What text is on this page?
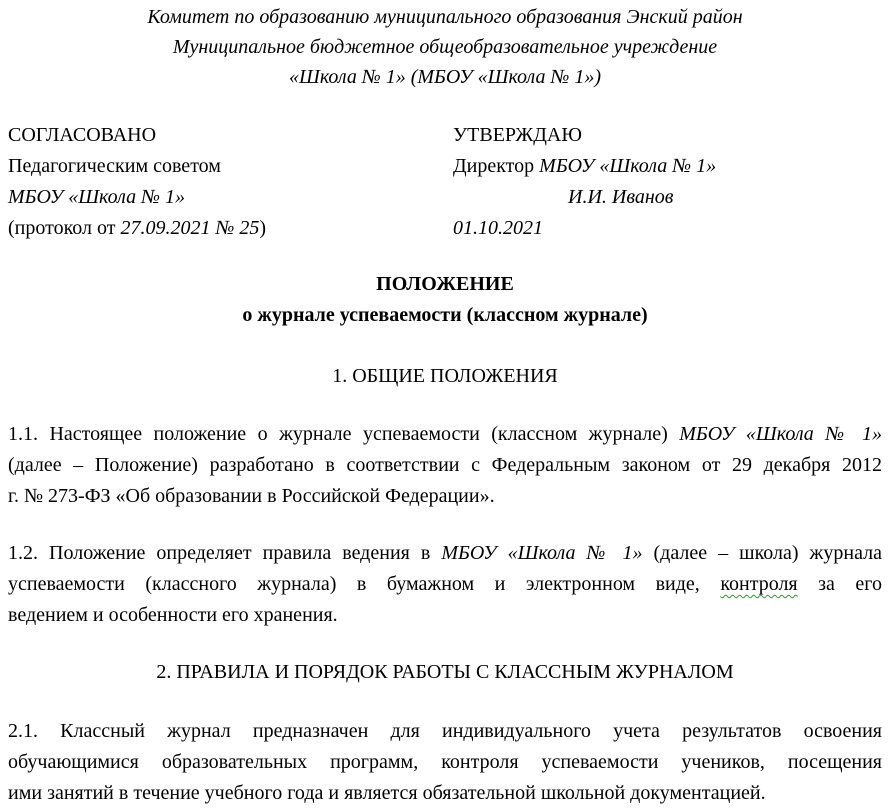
Комитет по образованию муниципального образования Энский район
Муниципальное бюджетное общеобразовательное учреждение
«Школа № 1» (МБОУ «Школа № 1»)
СОГЛАСОВАНО
Педагогическим советом
МБОУ «Школа № 1»
(протокол от 27.09.2021 № 25)
УТВЕРЖДАЮ
Директор МБОУ «Школа № 1»
И.И. Иванов
01.10.2021
ПОЛОЖЕНИЕ
о журнале успеваемости (классном журнале)
1. ОБЩИЕ ПОЛОЖЕНИЯ
1.1. Настоящее положение о журнале успеваемости (классном журнале) МБОУ «Школа № 1»
(далее – Положение) разработано в соответствии с Федеральным законом от 29 декабря 2012
г. № 273-ФЗ «Об образовании в Российской Федерации».
1.2. Положение определяет правила ведения в МБОУ «Школа № 1» (далее – школа) журнала
успеваемости (классного журнала) в бумажном и электронном виде, контроля за его
ведением и особенности его хранения.
2. ПРАВИЛА И ПОРЯДОК РАБОТЫ С КЛАССНЫМ ЖУРНАЛОМ
2.1. Классный журнал предназначен для индивидуального учета результатов освоения
обучающимися образовательных программ, контроля успеваемости учеников, посещения
ими занятий в течение учебного года и является обязательной школьной документацией.
